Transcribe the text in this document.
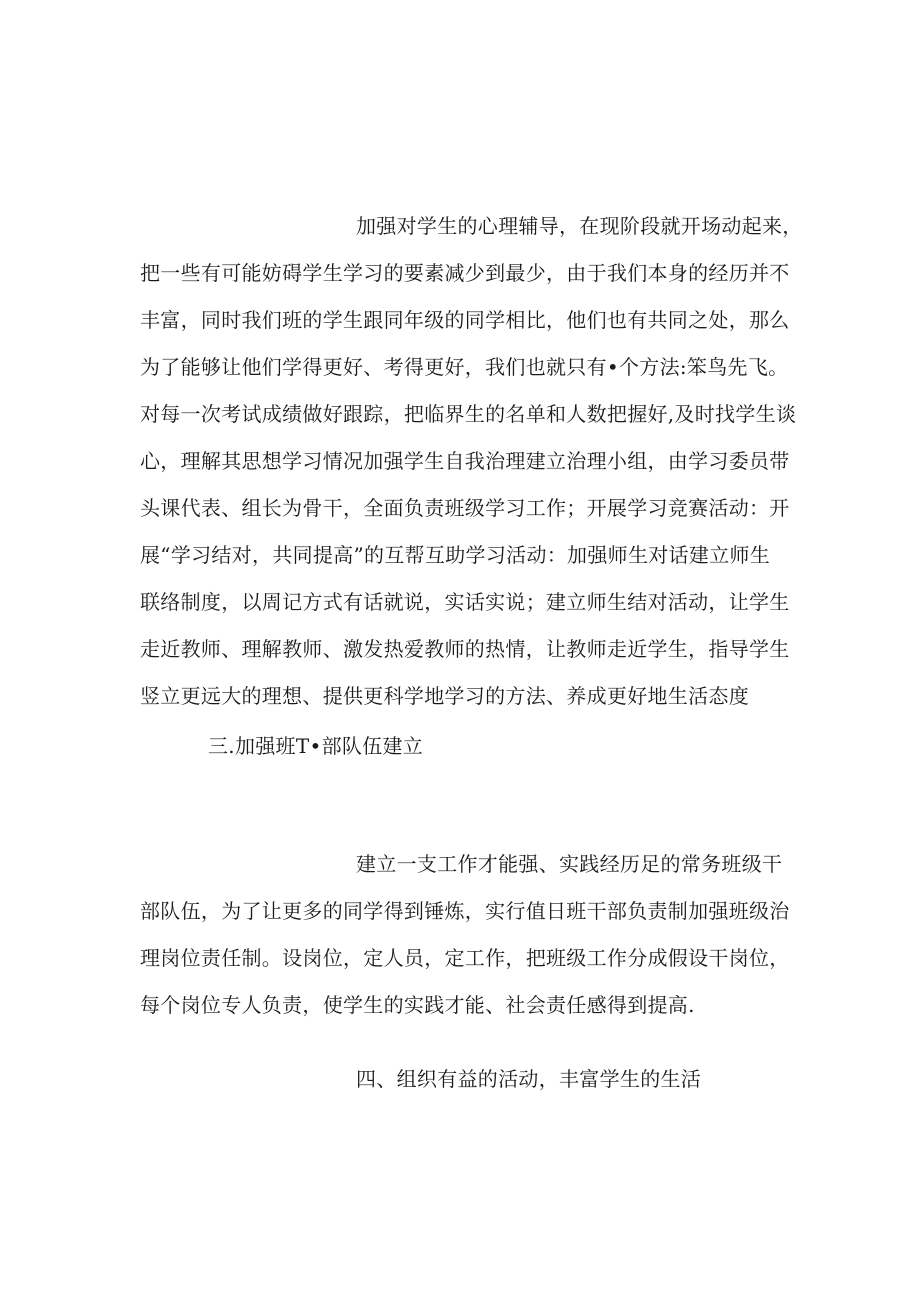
加强对学生的心理辅导，在现阶段就开场动起来，
把一些有可能妨碍学生学习的要素减少到最少，由于我们本身的经历并不
丰富，同时我们班的学生跟同年级的同学相比，他们也有共同之处，那么
为了能够让他们学得更好、考得更好，我们也就只有•个方法:笨鸟先飞。
对每一次考试成绩做好跟踪，把临界生的名单和人数把握好,及时找学生谈
心，理解其思想学习情况加强学生自我治理建立治理小组，由学习委员带
头课代表、组长为骨干，全面负责班级学习工作；开展学习竞赛活动：开
展“学习结对，共同提高”的互帮互助学习活动：加强师生对话建立师生
联络制度，以周记方式有话就说，实话实说；建立师生结对活动，让学生
走近教师、理解教师、激发热爱教师的热情，让教师走近学生，指导学生
竖立更远大的理想、提供更科学地学习的方法、养成更好地生活态度
三.加强班T•部队伍建立
建立一支工作才能强、实践经历足的常务班级干
部队伍，为了让更多的同学得到锤炼，实行值日班干部负责制加强班级治
理岗位责任制。设岗位，定人员，定工作，把班级工作分成假设干岗位，
每个岗位专人负责，使学生的实践才能、社会责任感得到提高.
四、组织有益的活动，丰富学生的生活
